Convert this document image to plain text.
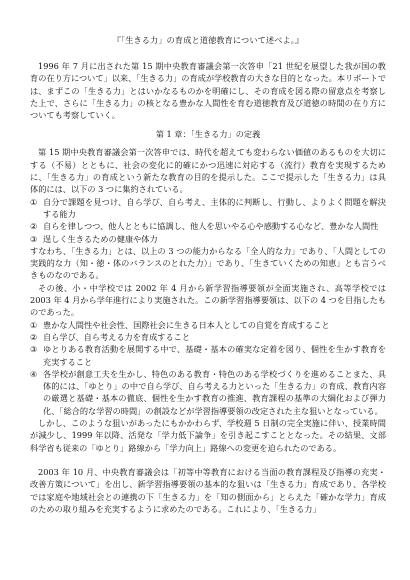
『「生きる力」の育成と道徳教育について述べよ。』

1996 年 7 月に出された第 15 期中央教育審議会第一次答申「21 世紀を展望した我が国の教育の在り方について」以来、「生きる力」の育成が学校教育の大きな目的となった。本リポートでは、まずこの「生きる力」とはいかなるものかを明確にし、その育成を図る際の留意点を考察した上で、さらに「生きる力」の核となる豊かな人間性を育む道徳教育及び道徳の時間の在り方についても考察していく。

第 1 章：「生きる力」の定義

第 15 期中央教育審議会第一次答申では、時代を超えても変わらない価値のあるものを大切にする（不易）とともに、社会の変化に的確にかつ迅速に対応する（流行）教育を実現するために、「生きる力」の育成という新たな教育の目的を提示した。ここで提示した「生きる力」は具体的には、以下の 3 つに集約されている。

① 自分で課題を見つけ、自ら学び、自ら考え、主体的に判断し、行動し、よりよく問題を解決する能力
② 自らを律しつつ、他人とともに協調し、他人を思いやる心や感動する心など、豊かな人間性
③ 逞しく生きるための健康や体力

すなわち、「生きる力」とは、以上の 3 つの能力からなる「全人的な力」であり、「人間としての実践的な力（知・徳・体のバランスのとれた力）」であり、「生きていくための知恵」とも言うべきものなのである。

その後、小・中学校では 2002 年 4 月から新学習指導要領が全面実施され、高等学校では 2003 年 4 月から学年進行により実施された。この新学習指導要領は、以下の 4 つを目指したものであった。

① 豊かな人間性や社会性、国際社会に生きる日本人としての自覚を育成すること
② 自ら学び、自ら考える力を育成すること
③ ゆとりある教育活動を展開する中で、基礎・基本の確実な定着を図り、個性を生かす教育を充実すること
④ 各学校が創意工夫を生かし、特色のある教育・特色のある学校づくりを進めることまた、具体的には、「ゆとり」の中で自ら学び、自ら考える力といった「生きる力」の育成、教育内容の厳選と基礎・基本の徹底、個性を生かす教育の推進、教育課程の基準の大綱化および弾力化、「総合的な学習の時間」の創設などが学習指導要領の改定された主な狙いとなっている。

しかし、このような狙いがあったにもかかわらず、学校週 5 日制の完全実施に伴い、授業時間が減少し、1999 年以降、活発な「学力低下論争」を引き起こすこととなった。その結果、文部科学省も従来の「ゆとり」路線から「学力向上」路線への変更を迫られたのである。

2003 年 10 月、中央教育審議会は「初等中等教育における当面の教育課程及び指導の充実・改善方策について」を出し、新学習指導要領の基本的な狙いは「生きる力」育成であり、各学校では家庭や地域社会との連携の下「生きる力」を「知の側面から」とらえた「確かな学力」育成のための取り組みを充実するように求めたのである。これにより、「生きる力」
